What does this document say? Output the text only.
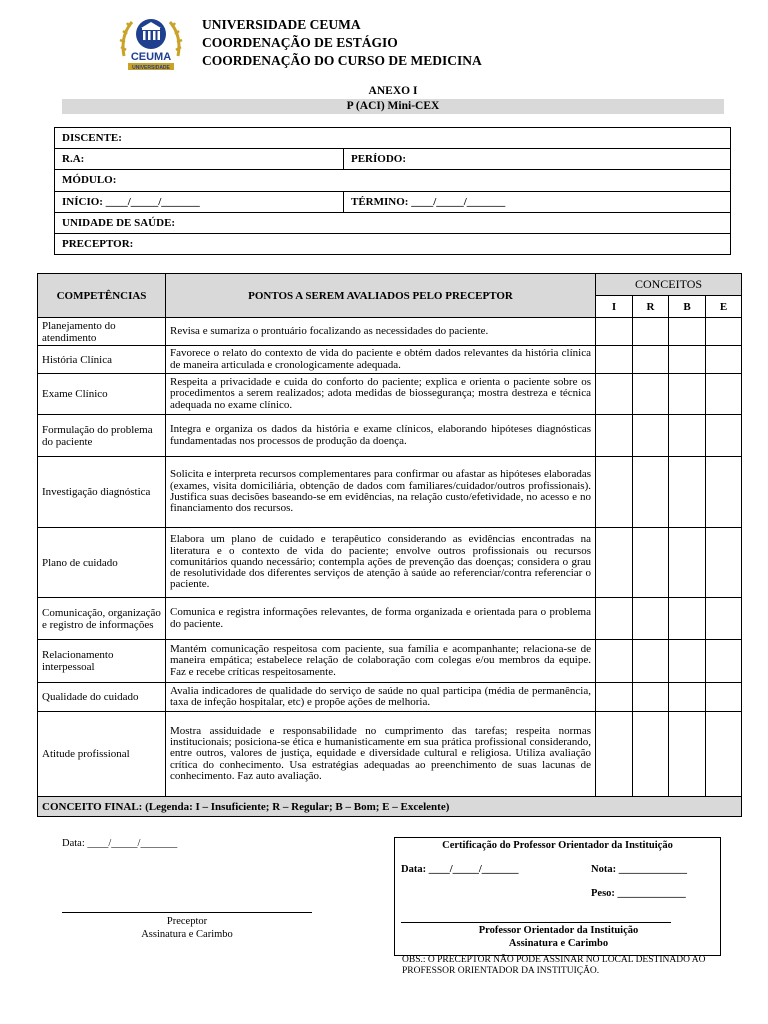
CEUMA
UNIVERSIDADE
UNIVERSIDADE CEUMA
COORDENAÇÃO DE ESTÁGIO
COORDENAÇÃO DO CURSO DE MEDICINA
ANEXO I
P (ACI) Mini-CEX
DISCENTE:	
R.A:	PERÍODO:
MÓDULO:	
INÍCIO: ____/_____/_______	TÉRMINO: ____/_____/_______
UNIDADE DE SAÚDE:	
PRECEPTOR:	
COMPETÊNCIAS	PONTOS A SEREM AVALIADOS PELO PRECEPTOR	CONCEITOS			
		I	R	B	E
Planejamento do atendimento	Revisa e sumariza o prontuário focalizando as necessidades do paciente.				
História Clínica	Favorece o relato do contexto de vida do paciente e obtém dados relevantes da história clínica de maneira articulada e cronologicamente adequada.				
Exame Clínico	Respeita a privacidade e cuida do conforto do paciente; explica e orienta o paciente sobre os procedimentos a serem realizados; adota medidas de biossegurança; mostra destreza e técnica adequada no exame clínico.				
Formulação do problema do paciente	Integra e organiza os dados da história e exame clínicos, elaborando hipóteses diagnósticas fundamentadas nos processos de produção da doença.				
Investigação diagnóstica	Solicita e interpreta recursos complementares para confirmar ou afastar as hipóteses elaboradas (exames, visita domiciliária, obtenção de dados com familiares/cuidador/outros profissionais). Justifica suas decisões baseando-se em evidências, na relação custo/efetividade, no acesso e no financiamento dos recursos.				
Plano de cuidado	Elabora um plano de cuidado e terapêutico considerando as evidências encontradas na literatura e o contexto de vida do paciente; envolve outros profissionais ou recursos comunitários quando necessário; contempla ações de prevenção das doenças; considera o grau de resolutividade dos diferentes serviços de atenção à saúde ao referenciar/contra referenciar o paciente.				
Comunicação, organização e registro de informações	Comunica e registra informações relevantes, de forma organizada e orientada para o problema do paciente.				
Relacionamento interpessoal	Mantém comunicação respeitosa com paciente, sua família e acompanhante; relaciona-se de maneira empática; estabelece relação de colaboração com colegas e/ou membros da equipe. Faz e recebe críticas respeitosamente.				
Qualidade do cuidado	Avalia indicadores de qualidade do serviço de saúde no qual participa (média de permanência, taxa de infeção hospitalar, etc) e propõe ações de melhoria.				
Atitude profissional	Mostra assiduidade e responsabilidade no cumprimento das tarefas; respeita normas institucionais; posiciona-se ética e humanisticamente em sua prática profissional considerando, entre outros, valores de justiça, equidade e diversidade cultural e religiosa. Utiliza avaliação crítica do conhecimento. Usa estratégias adequadas ao preenchimento de suas lacunas de conhecimento. Faz auto avaliação.				
CONCEITO FINAL: (Legenda: I – Insuficiente; R – Regular; B – Bom; E – Excelente)					
Data: ____/_____/_______
Preceptor
Assinatura e Carimbo
Certificação do Professor Orientador da Instituição
Data: ____/_____/_______	Nota: _____________
Peso: _____________
Professor Orientador da Instituição
Assinatura e Carimbo
OBS.: O PRECEPTOR NÃO PODE ASSINAR NO LOCAL DESTINADO AO PROFESSOR ORIENTADOR DA INSTITUIÇÃO.
